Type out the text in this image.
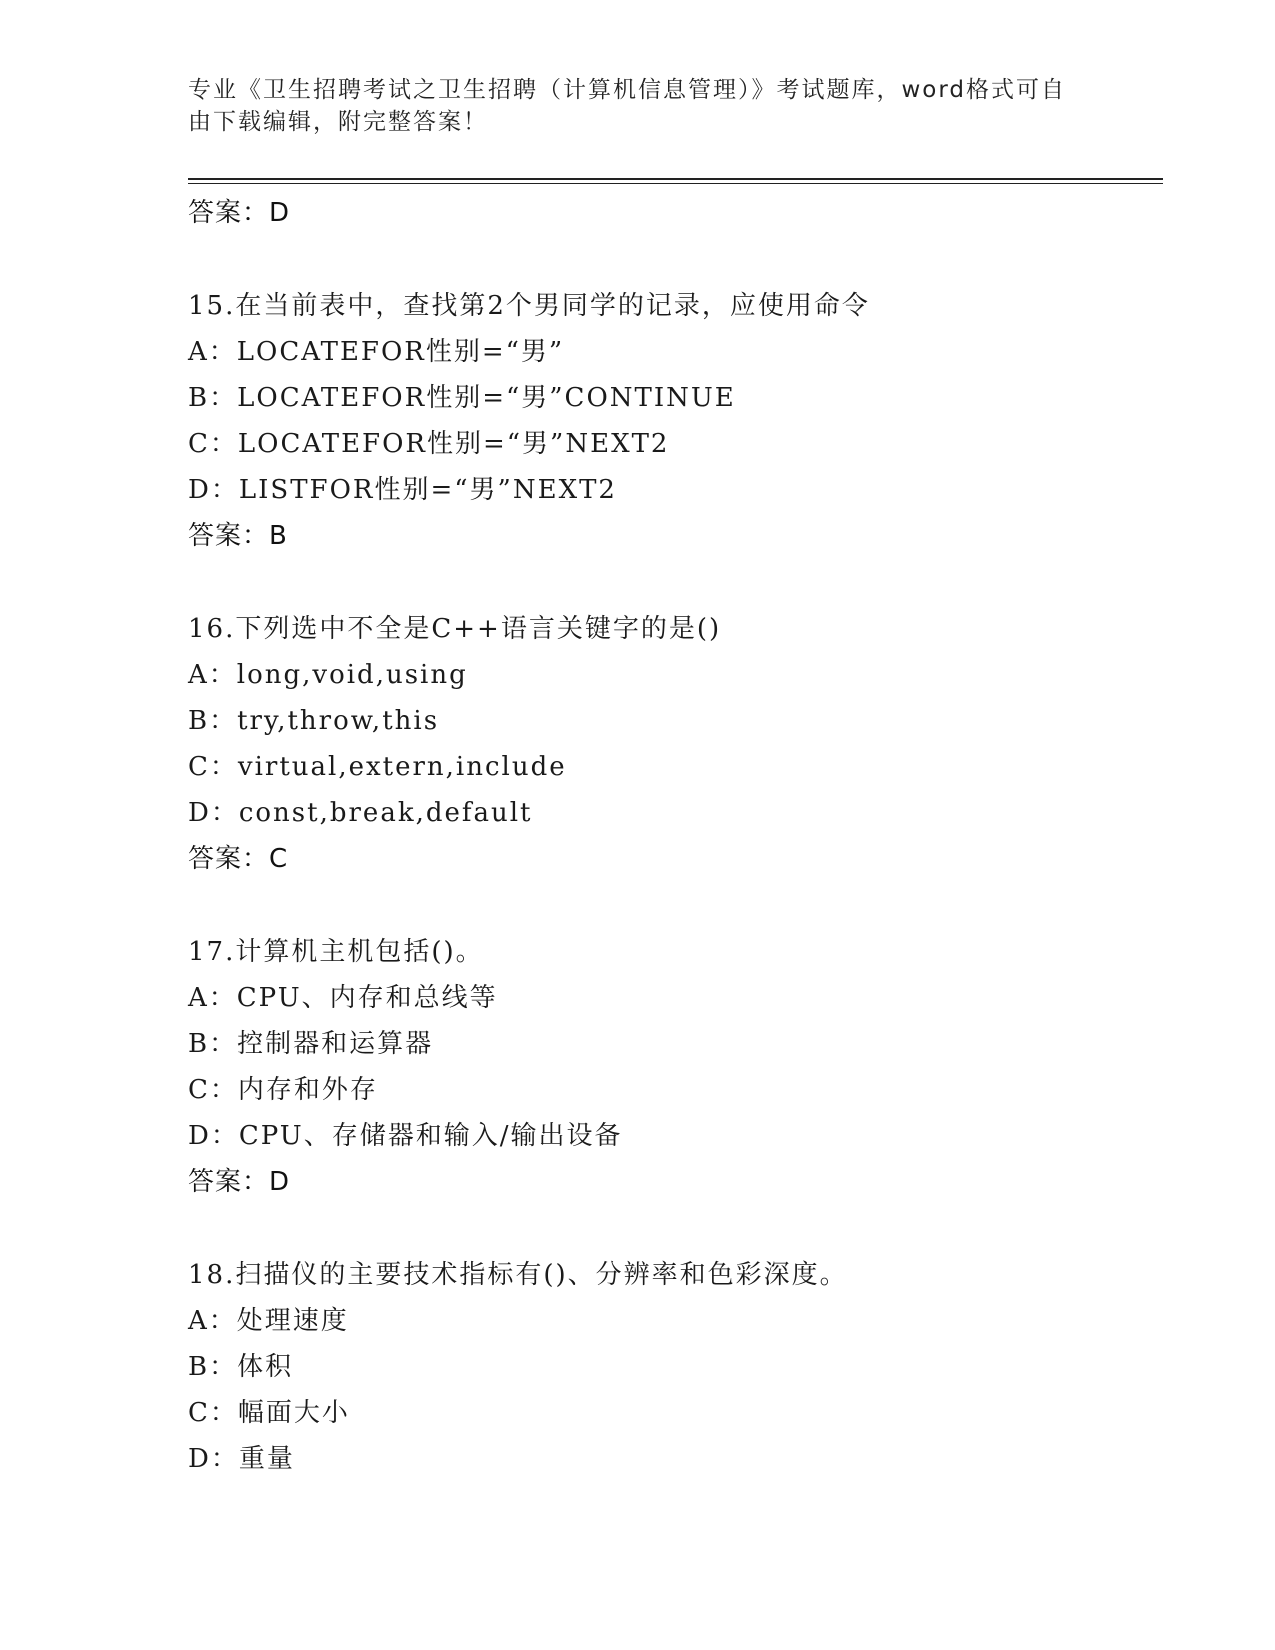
专业《卫生招聘考试之卫生招聘（计算机信息管理）》考试题库，word格式可自
由下载编辑，附完整答案！
答案：D
15.在当前表中，查找第2个男同学的记录，应使用命令
A：LOCATEFOR性别=“男”
B：LOCATEFOR性别=“男”CONTINUE
C：LOCATEFOR性别=“男”NEXT2
D：LISTFOR性别=“男”NEXT2
答案：B
16.下列选中不全是C++语言关键字的是()
A：long,void,using
B：try,throw,this
C：virtual,extern,include
D：const,break,default
答案：C
17.计算机主机包括()。
A：CPU、内存和总线等
B：控制器和运算器
C：内存和外存
D：CPU、存储器和输入/输出设备
答案：D
18.扫描仪的主要技术指标有()、分辨率和色彩深度。
A：处理速度
B：体积
C：幅面大小
D：重量
